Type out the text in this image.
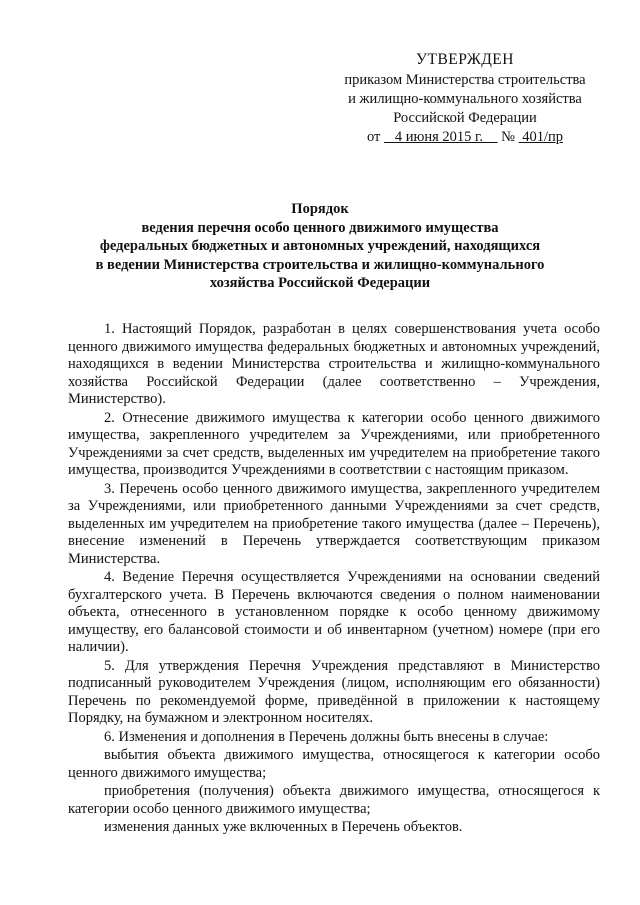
УТВЕРЖДЕН
приказом Министерства строительства
и жилищно-коммунального хозяйства
Российской Федерации
от 4 июня 2015 г. № 401/пр
Порядок
ведения перечня особо ценного движимого имущества
федеральных бюджетных и автономных учреждений, находящихся
в ведении Министерства строительства и жилищно-коммунального
хозяйства Российской Федерации

1. Настоящий Порядок, разработан в целях совершенствования учета особо ценного движимого имущества федеральных бюджетных и автономных учреждений, находящихся в ведении Министерства строительства и жилищно-коммунального хозяйства Российской Федерации (далее соответственно – Учреждения, Министерство).

2. Отнесение движимого имущества к категории особо ценного движимого имущества, закрепленного учредителем за Учреждениями, или приобретенного Учреждениями за счет средств, выделенных им учредителем на приобретение такого имущества, производится Учреждениями в соответствии с настоящим приказом.

3. Перечень особо ценного движимого имущества, закрепленного учредителем за Учреждениями, или приобретенного данными Учреждениями за счет средств, выделенных им учредителем на приобретение такого имущества (далее – Перечень), внесение изменений в Перечень утверждается соответствующим приказом Министерства.

4. Ведение Перечня осуществляется Учреждениями на основании сведений бухгалтерского учета. В Перечень включаются сведения о полном наименовании объекта, отнесенного в установленном порядке к особо ценному движимому имуществу, его балансовой стоимости и об инвентарном (учетном) номере (при его наличии).

5. Для утверждения Перечня Учреждения представляют в Министерство подписанный руководителем Учреждения (лицом, исполняющим его обязанности) Перечень по рекомендуемой форме, приведённой в приложении к настоящему Порядку, на бумажном и электронном носителях.

6. Изменения и дополнения в Перечень должны быть внесены в случае:

выбытия объекта движимого имущества, относящегося к категории особо ценного движимого имущества;

приобретения (получения) объекта движимого имущества, относящегося к категории особо ценного движимого имущества;

изменения данных уже включенных в Перечень объектов.
